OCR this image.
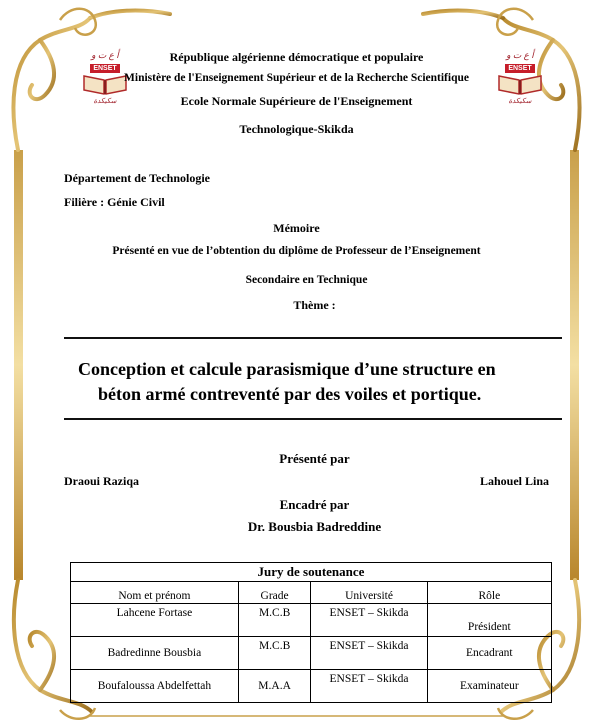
ﺃ ﻉ ﺕ ﻭ
ENSET
ﺳﻜﻴﻜﺪﺓ
ﺃ ﻉ ﺕ ﻭ
ENSET
ﺳﻜﻴﻜﺪﺓ
République algérienne démocratique et populaire
Ministère de l'Enseignement Supérieur et de la Recherche Scientifique
Ecole Normale Supérieure de l'Enseignement
Technologique-Skikda
Département de Technologie
Filière : Génie Civil
Mémoire
Présenté en vue de l’obtention du diplôme de Professeur de l’Enseignement
Secondaire en Technique
Thème :
Conception et calcule parasismique d’une structure en
béton armé contreventé par des voiles et portique.
Présenté par
Draoui Raziqa	Lahouel Lina
Encadré par
Dr. Bousbia Badreddine
Jury de soutenance			
Nom et prénom	Grade	Université	Rôle
Lahcene Fortase	M.C.B	ENSET – Skikda	Président
Badredinne Bousbia	M.C.B	ENSET – Skikda	Encadrant
Boufaloussa Abdelfettah	M.A.A	ENSET – Skikda	Examinateur
